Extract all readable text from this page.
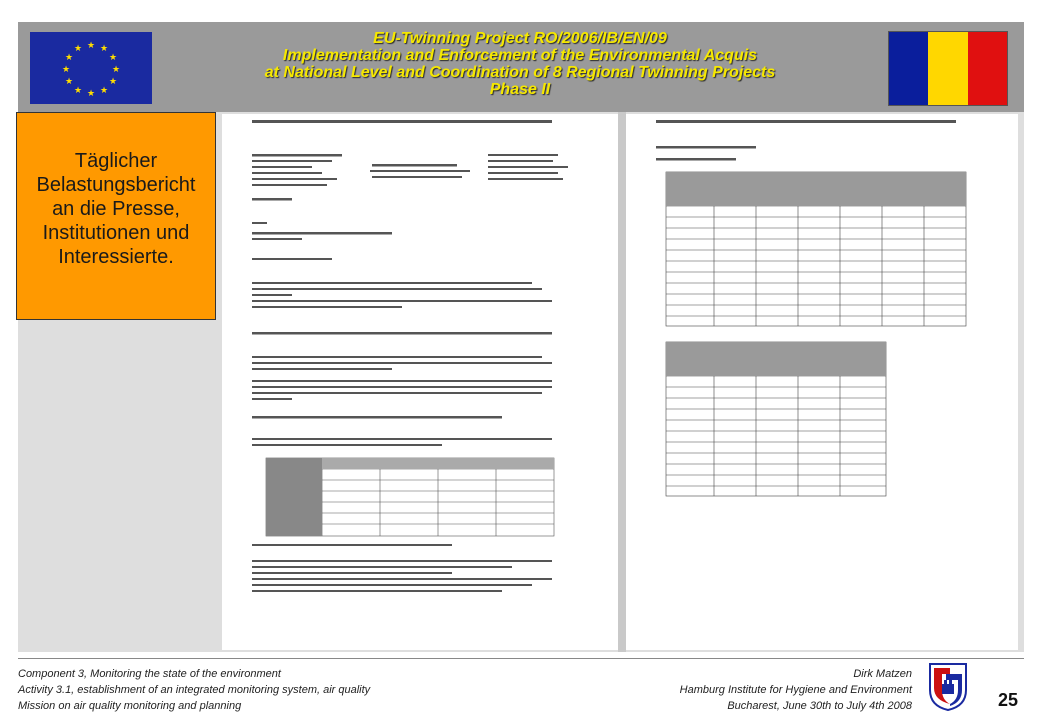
★ ★
★
★
★
★
★
★
★
★
★
★
EU-Twinning Project RO/2006/IB/EN/09
Implementation and Enforcement of the Environmental Acquis
at National Level and Coordination of 8 Regional Twinning Projects
Phase II
Täglicher
Belastungsbericht
an die Presse,
Institutionen und
Interessierte.
Component 3, Monitoring the state of the environment
Activity 3.1, establishment of an integrated monitoring system, air quality
Mission on air quality monitoring and planning
Dirk Matzen
Hamburg Institute for Hygiene and Environment
Bucharest, June 30th to July 4th 2008	25
